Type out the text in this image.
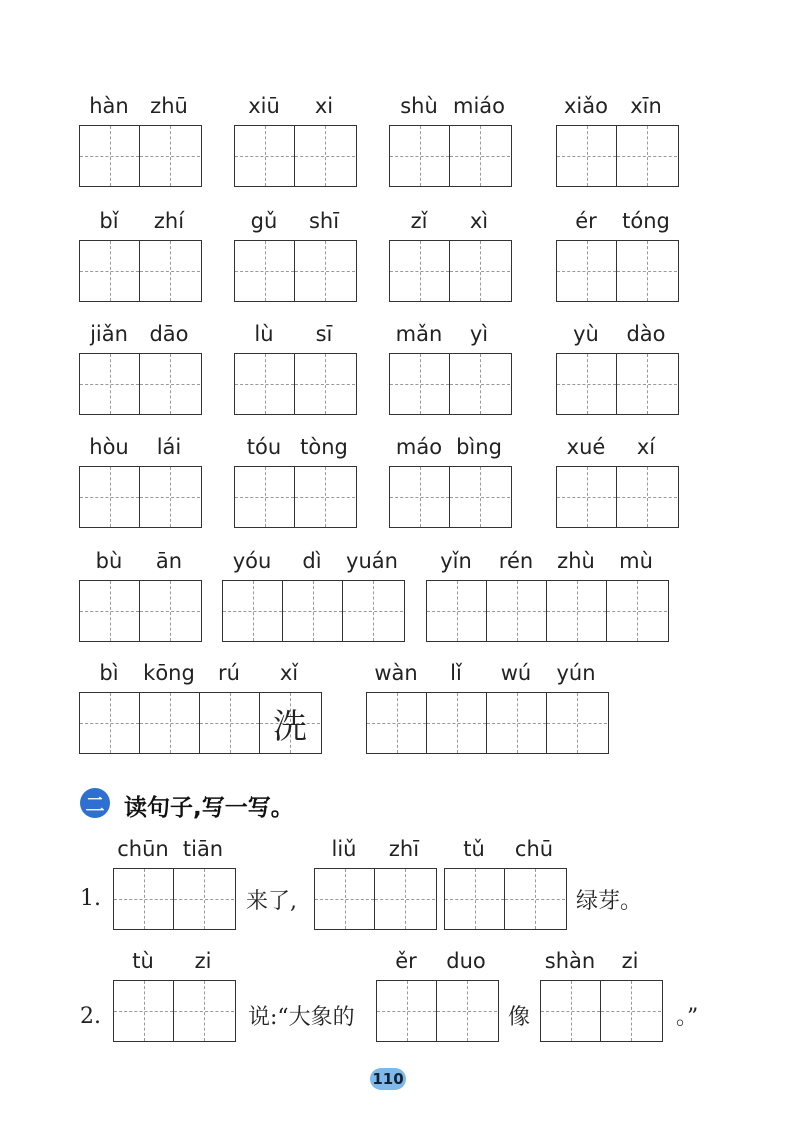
hàn	zhū	xiū	xi	shù miáo	xiǎo	xīn
bǐ	zhí	gǔ	shī	zǐ	xì	ér	tóng
jiǎn	dāo	lù	sī	mǎn	yì	yù	dào
hòu	lái	tóu tòng	máo bìng	xué	xí
bù	ān	yóu	dì	yuán	yǐn	rén	zhù	mù
bì	kōng	rú	xǐ
洗
wàn	lǐ	wú	yún
二 读句子,写一写。
1.
chūn tiān
来了,
liǔ	zhī	tǔ	chū
绿芽。
2.
tù	zi
说:“大象的
ěr	duo
像
shàn	zi
。”
110
